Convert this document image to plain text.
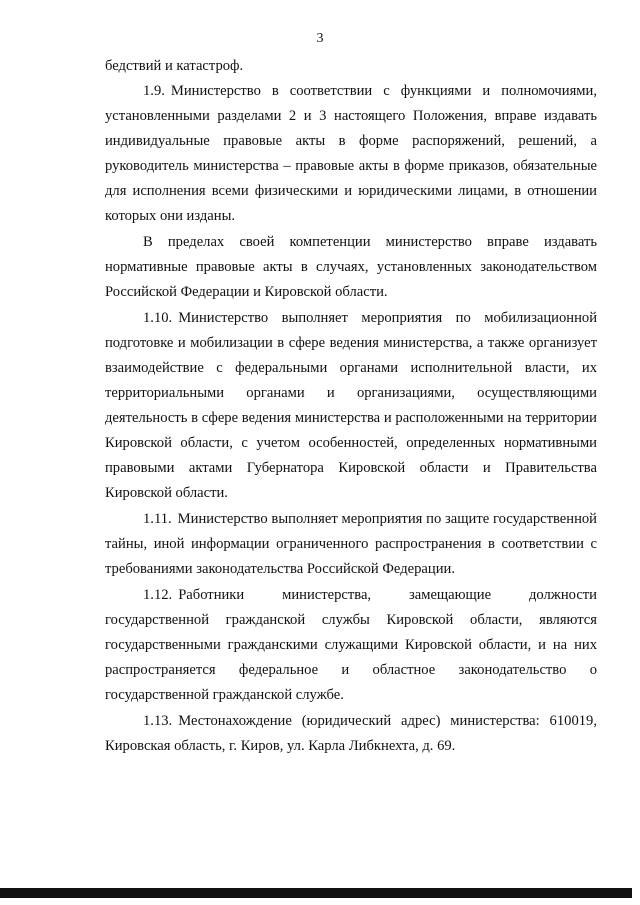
3

бедствий и катастроф.

1.9. Министерство в соответствии с функциями и полномочиями, установленными разделами 2 и 3 настоящего Положения, вправе издавать индивидуальные правовые акты в форме распоряжений, решений, а руководитель министерства – правовые акты в форме приказов, обязательные для исполнения всеми физическими и юридическими лицами, в отношении которых они изданы.

В пределах своей компетенции министерство вправе издавать нормативные правовые акты в случаях, установленных законодательством Российской Федерации и Кировской области.

1.10. Министерство выполняет мероприятия по мобилизационной подготовке и мобилизации в сфере ведения министерства, а также организует взаимодействие с федеральными органами исполнительной власти, их территориальными органами и организациями, осуществляющими деятельность в сфере ведения министерства и расположенными на территории Кировской области, с учетом особенностей, определенных нормативными правовыми актами Губернатора Кировской области и Правительства Кировской области.

1.11. Министерство выполняет мероприятия по защите государственной тайны, иной информации ограниченного распространения в соответствии с требованиями законодательства Российской Федерации.

1.12. Работники министерства, замещающие должности государственной гражданской службы Кировской области, являются государственными гражданскими служащими Кировской области, и на них распространяется федеральное и областное законодательство о государственной гражданской службе.

1.13. Местонахождение (юридический адрес) министерства: 610019, Кировская область, г. Киров, ул. Карла Либкнехта, д. 69.
